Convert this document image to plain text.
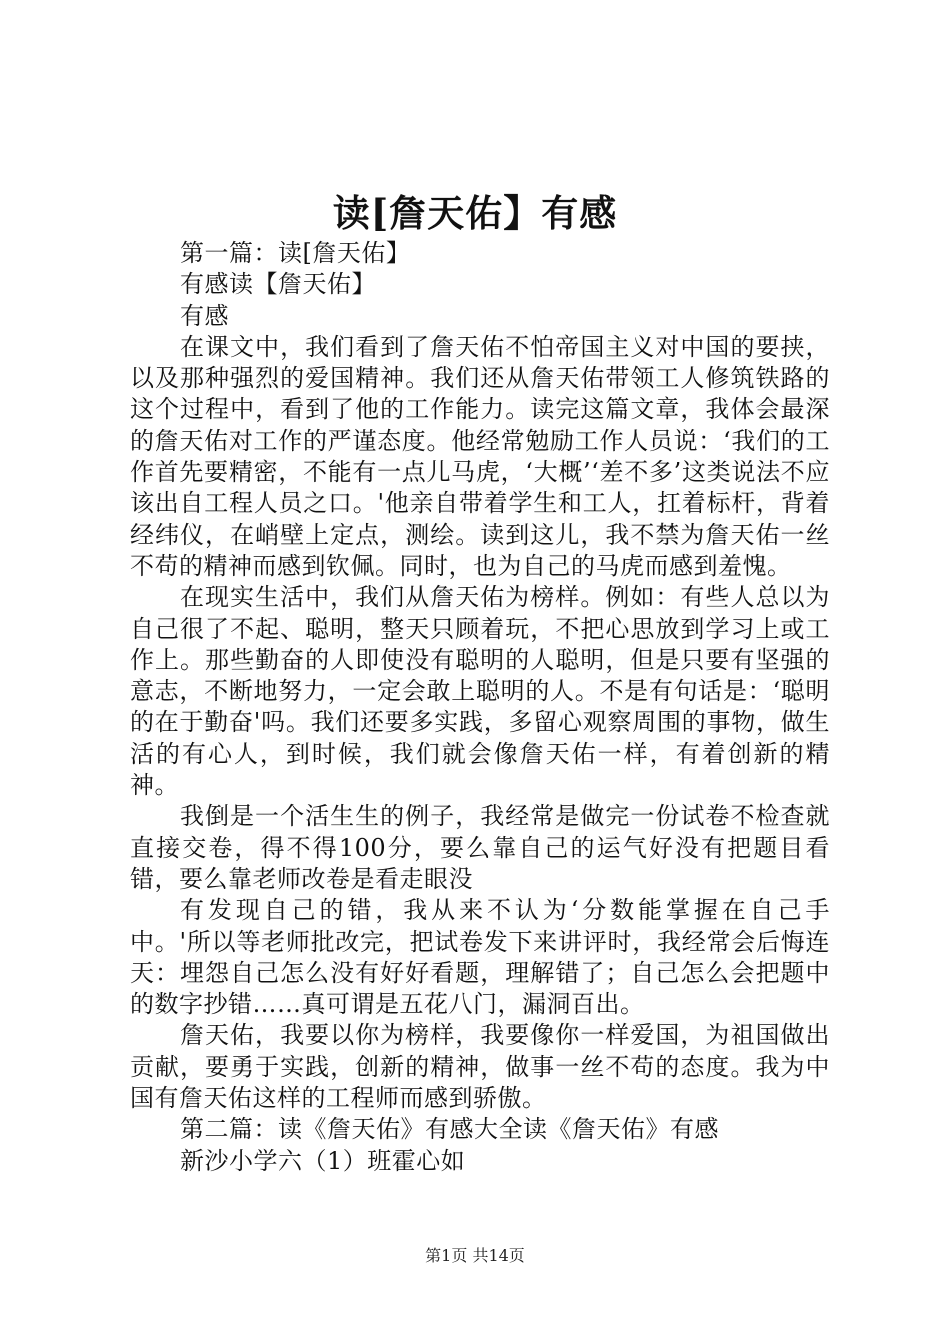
读[詹天佑】有感

第一篇：读[詹天佑】

有感读【詹天佑】

有感

在课文中，我们看到了詹天佑不怕帝国主义对中国的要挟，以及那种强烈的爱国精神。我们还从詹天佑带领工人修筑铁路的这个过程中，看到了他的工作能力。读完这篇文章，我体会最深的詹天佑对工作的严谨态度。他经常勉励工作人员说：‘我们的工作首先要精密，不能有一点儿马虎，‘大概’‘差不多’这类说法不应该出自工程人员之口。'他亲自带着学生和工人，扛着标杆，背着经纬仪，在峭壁上定点，测绘。读到这儿，我不禁为詹天佑一丝不苟的精神而感到钦佩。同时，也为自己的马虎而感到羞愧。

在现实生活中，我们从詹天佑为榜样。例如：有些人总以为自己很了不起、聪明，整天只顾着玩，不把心思放到学习上或工作上。那些勤奋的人即使没有聪明的人聪明，但是只要有坚强的意志，不断地努力，一定会敢上聪明的人。不是有句话是：‘聪明的在于勤奋'吗。我们还要多实践，多留心观察周围的事物，做生活的有心人，到时候，我们就会像詹天佑一样，有着创新的精神。

我倒是一个活生生的例子，我经常是做完一份试卷不检查就直接交卷，得不得100分，要么靠自己的运气好没有把题目看错，要么靠老师改卷是看走眼没

有发现自己的错，我从来不认为‘分数能掌握在自己手中。'所以等老师批改完，把试卷发下来讲评时，我经常会后悔连天：埋怨自己怎么没有好好看题，理解错了；自己怎么会把题中的数字抄错……真可谓是五花八门，漏洞百出。

詹天佑，我要以你为榜样，我要像你一样爱国，为祖国做出贡献，要勇于实践，创新的精神，做事一丝不苟的态度。我为中国有詹天佑这样的工程师而感到骄傲。

第二篇：读《詹天佑》有感大全读《詹天佑》有感

新沙小学六（1）班霍心如

第1页 共14页
